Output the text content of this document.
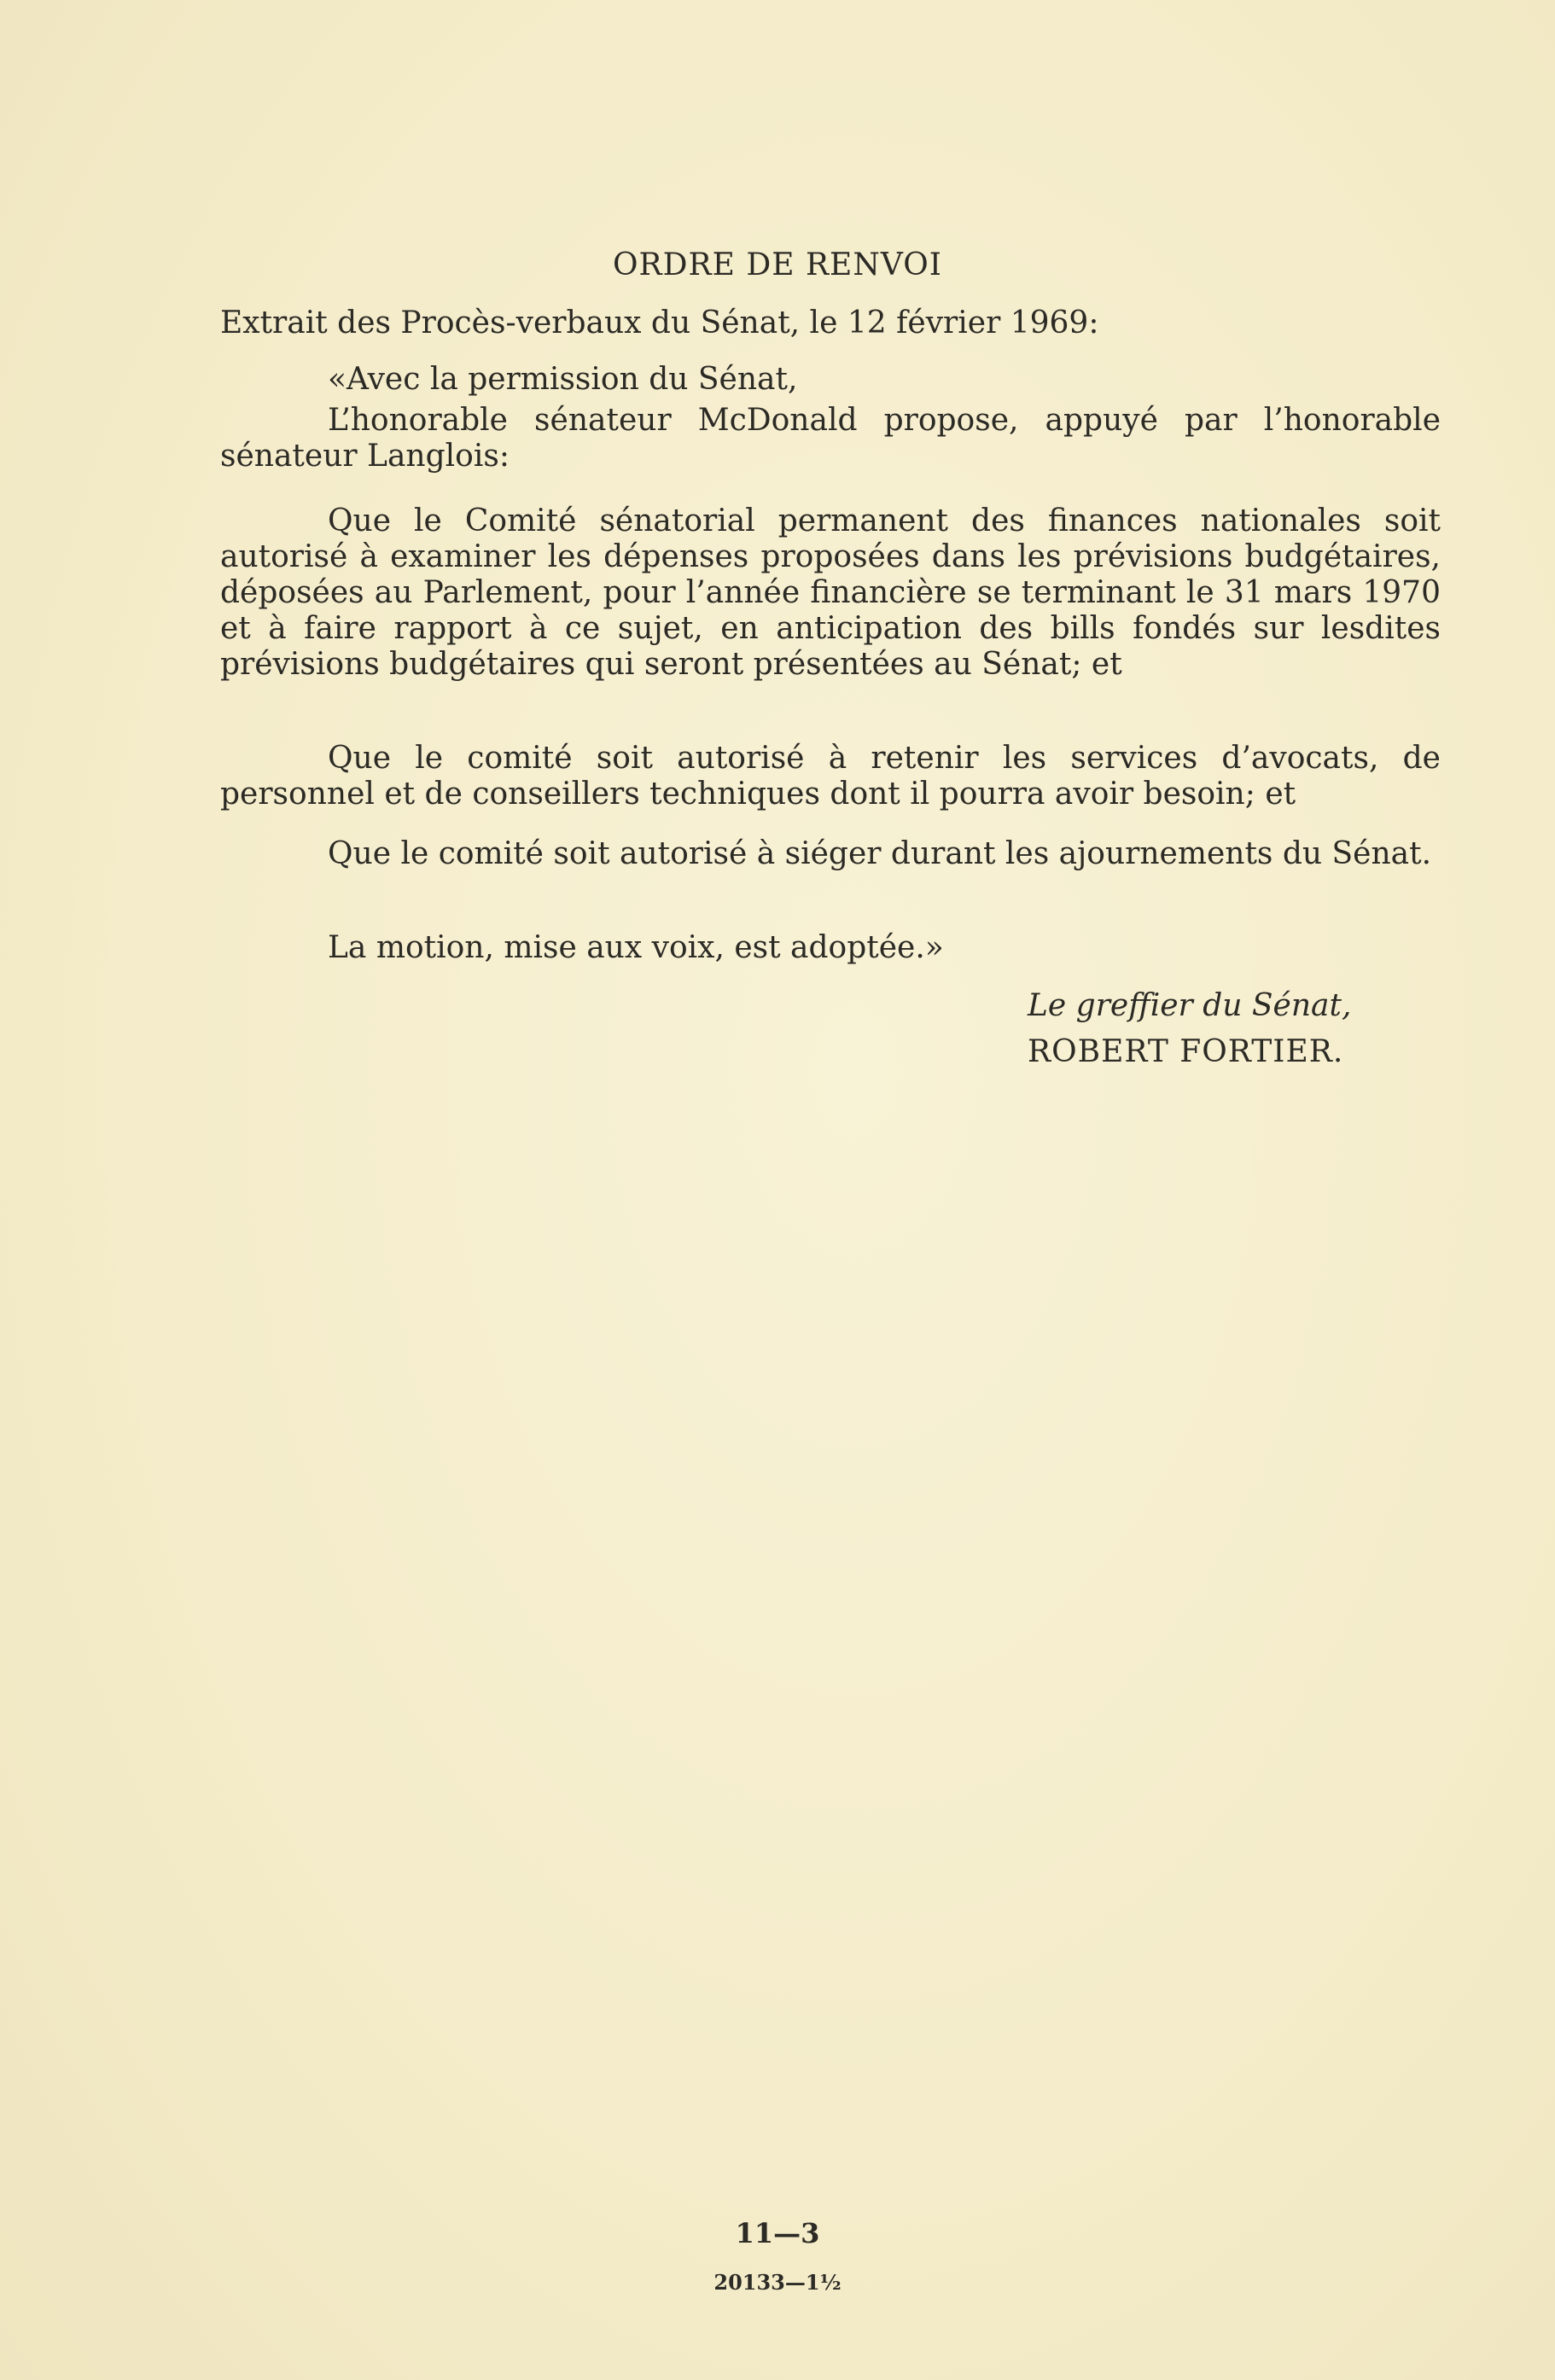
ORDRE DE RENVOI
Extrait des Procès-verbaux du Sénat, le 12 février 1969:

«Avec la permission du Sénat,

L’honorable sénateur McDonald propose, appuyé par l’honorable sénateur Langlois:

Que le Comité sénatorial permanent des finances nationales soit autorisé à examiner les dépenses proposées dans les prévisions budgétaires, déposées au Parlement, pour l’année financière se terminant le 31 mars 1970 et à faire rapport à ce sujet, en anticipation des bills fondés sur lesdites prévisions budgétaires qui seront présentées au Sénat; et

Que le comité soit autorisé à retenir les services d’avocats, de personnel et de conseillers techniques dont il pourra avoir besoin; et

Que le comité soit autorisé à siéger durant les ajournements du Sénat.

La motion, mise aux voix, est adoptée.»

Le greffier du Sénat,
ROBERT FORTIER.
11—3
20133—1½
